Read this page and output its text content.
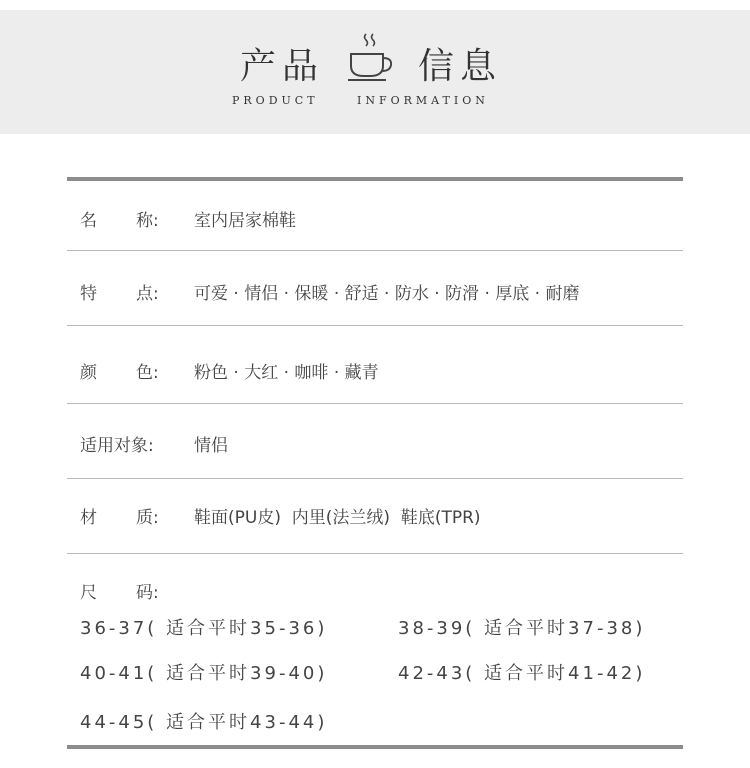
产品	信息
PRODUCT	INFORMATION
名 称: 室内居家棉鞋
特 点: 可爱 · 情侣 · 保暖 · 舒适 · 防水 · 防滑 · 厚底 · 耐磨
颜 色: 粉色 · 大红 · 咖啡 · 藏青
适用对象: 情侣
材 质: 鞋面(PU皮)  内里(法兰绒)  鞋底(TPR)
尺 码:
36-37( 适合平时35-36)	38-39( 适合平时37-38)
40-41( 适合平时39-40)	42-43( 适合平时41-42)
44-45( 适合平时43-44)
